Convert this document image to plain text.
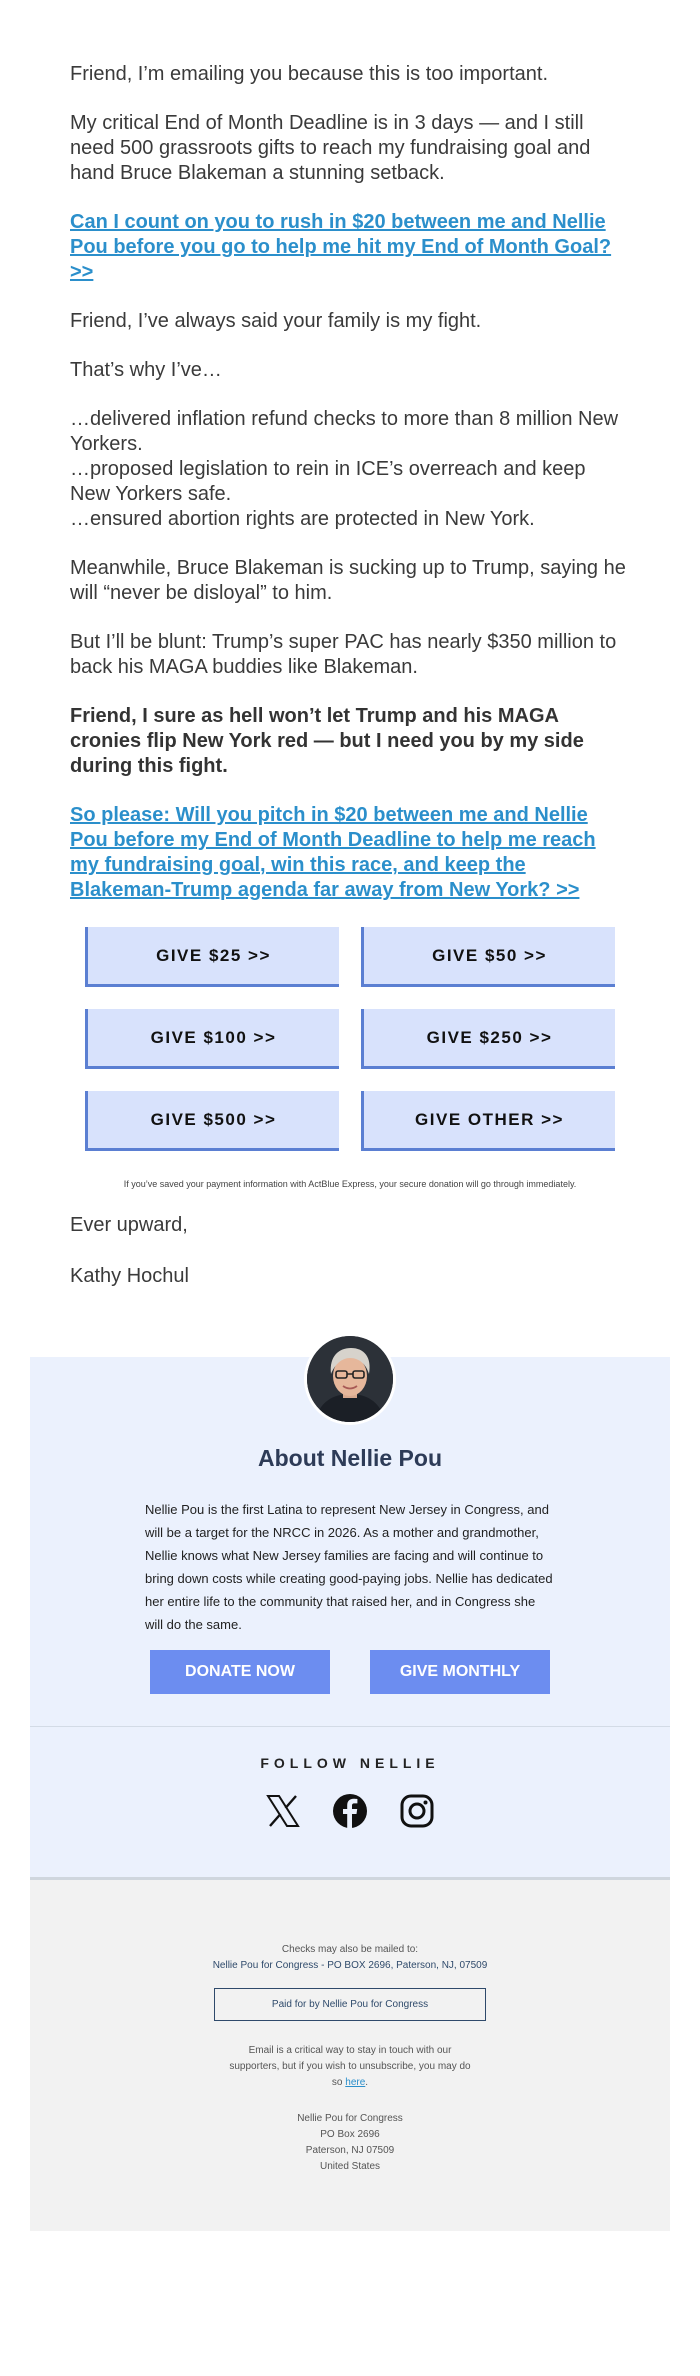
Friend, I’m emailing you because this is too important.

My critical End of Month Deadline is in 3 days — and I still need 500 grassroots gifts to reach my fundraising goal and hand Bruce Blakeman a stunning setback.

Can I count on you to rush in $20 between me and Nellie Pou before you go to help me hit my End of Month Goal? >>

Friend, I’ve always said your family is my fight.

That’s why I’ve…

…delivered inflation refund checks to more than 8 million New Yorkers.

…proposed legislation to rein in ICE’s overreach and keep New Yorkers safe.

…ensured abortion rights are protected in New York.

Meanwhile, Bruce Blakeman is sucking up to Trump, saying he will “never be disloyal” to him.

But I’ll be blunt: Trump’s super PAC has nearly $350 million to back his MAGA buddies like Blakeman.

Friend, I sure as hell won’t let Trump and his MAGA cronies flip New York red — but I need you by my side during this fight.

So please: Will you pitch in $20 between me and Nellie Pou before my End of Month Deadline to help me reach my fundraising goal, win this race, and keep the Blakeman-Trump agenda far away from New York? >>
GIVE $25 >>	GIVE $50 >>
GIVE $100 >>	GIVE $250 >>
GIVE $500 >>	GIVE OTHER >>
If you’ve saved your payment information with ActBlue Express, your secure donation will go through immediately.

Ever upward,

Kathy Hochul

About Nellie Pou
Nellie Pou is the first Latina to represent New Jersey in Congress, and will be a target for the NRCC in 2026. As a mother and grandmother, Nellie knows what New Jersey families are facing and will continue to bring down costs while creating good-paying jobs. Nellie has dedicated her entire life to the community that raised her, and in Congress she will do the same.
DONATE NOW	GIVE MONTHLY
FOLLOW NELLIE
Checks may also be mailed to:
Nellie Pou for Congress - PO BOX 2696, Paterson, NJ, 07509
Paid for by Nellie Pou for Congress
Email is a critical way to stay in touch with our supporters, but if you wish to unsubscribe, you may do so here.
Nellie Pou for Congress
PO Box 2696
Paterson, NJ 07509
United States
